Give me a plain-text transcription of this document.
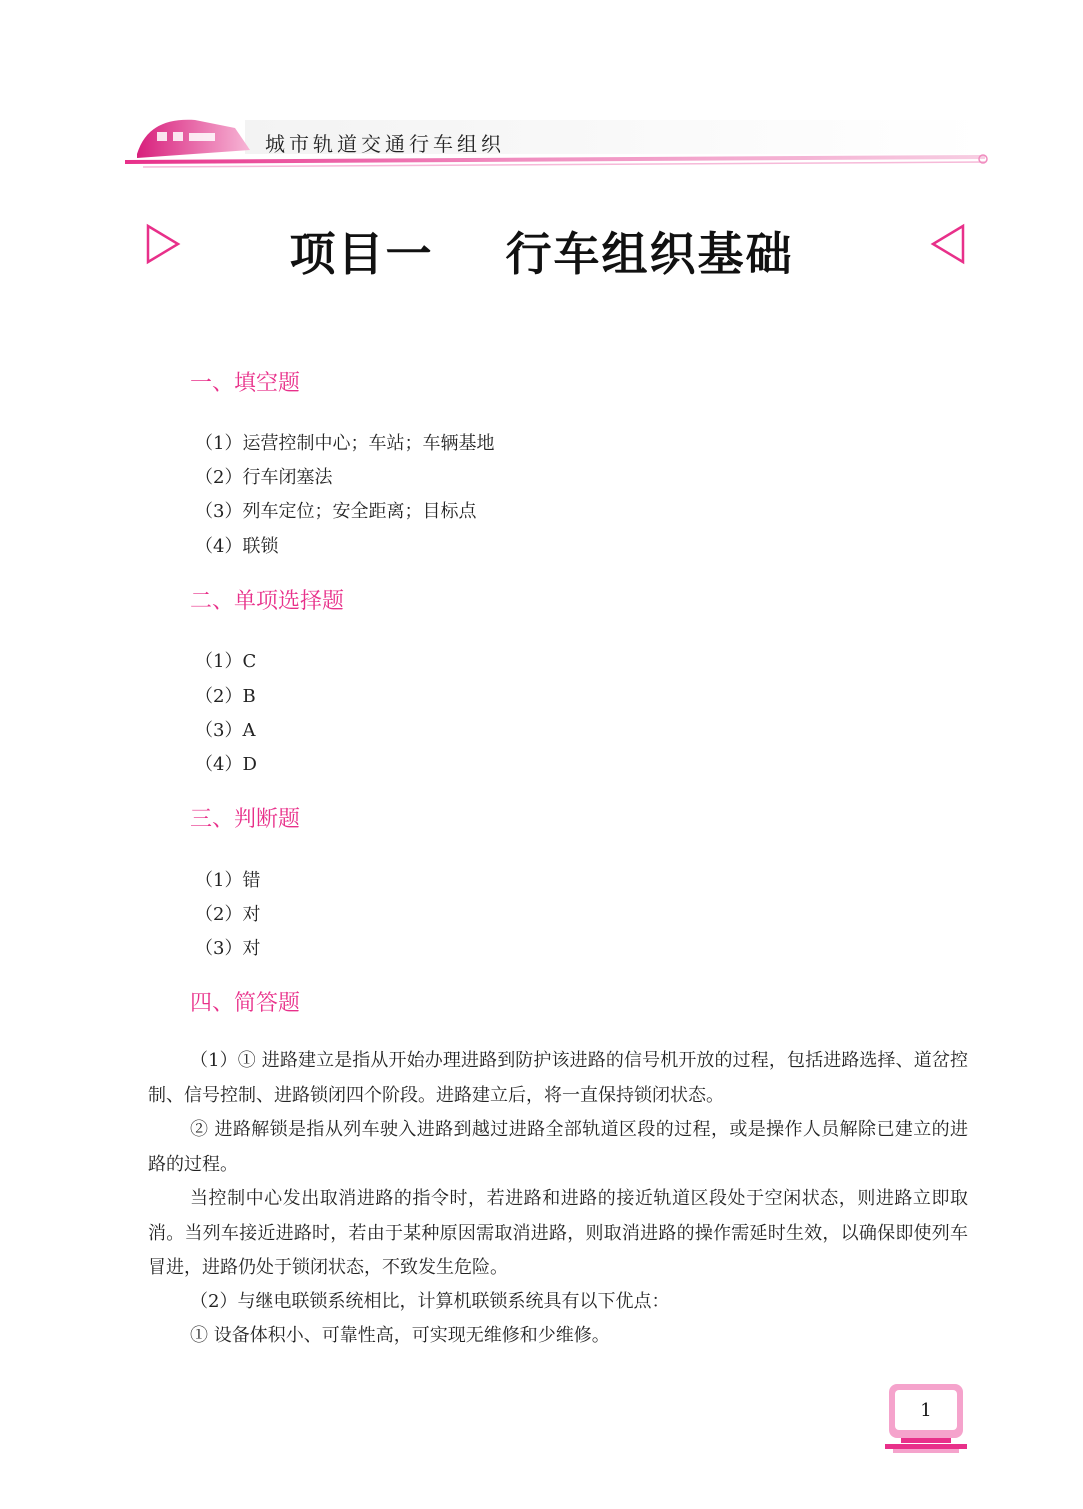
城市轨道交通行车组织
项目一    行车组织基础
一、填空题
（1）运营控制中心；车站；车辆基地
（2）行车闭塞法
（3）列车定位；安全距离；目标点
（4）联锁
二、单项选择题
（1）C
（2）B
（3）A
（4）D
三、判断题
（1）错
（2）对
（3）对
四、简答题

（1）① 进路建立是指从开始办理进路到防护该进路的信号机开放的过程，包括进路选择、道岔控制、信号控制、进路锁闭四个阶段。进路建立后，将一直保持锁闭状态。

② 进路解锁是指从列车驶入进路到越过进路全部轨道区段的过程，或是操作人员解除已建立的进路的过程。

当控制中心发出取消进路的指令时，若进路和进路的接近轨道区段处于空闲状态，则进路立即取消。当列车接近进路时，若由于某种原因需取消进路，则取消进路的操作需延时生效，以确保即使列车冒进，进路仍处于锁闭状态，不致发生危险。

（2）与继电联锁系统相比，计算机联锁系统具有以下优点：

① 设备体积小、可靠性高，可实现无维修和少维修。

1
